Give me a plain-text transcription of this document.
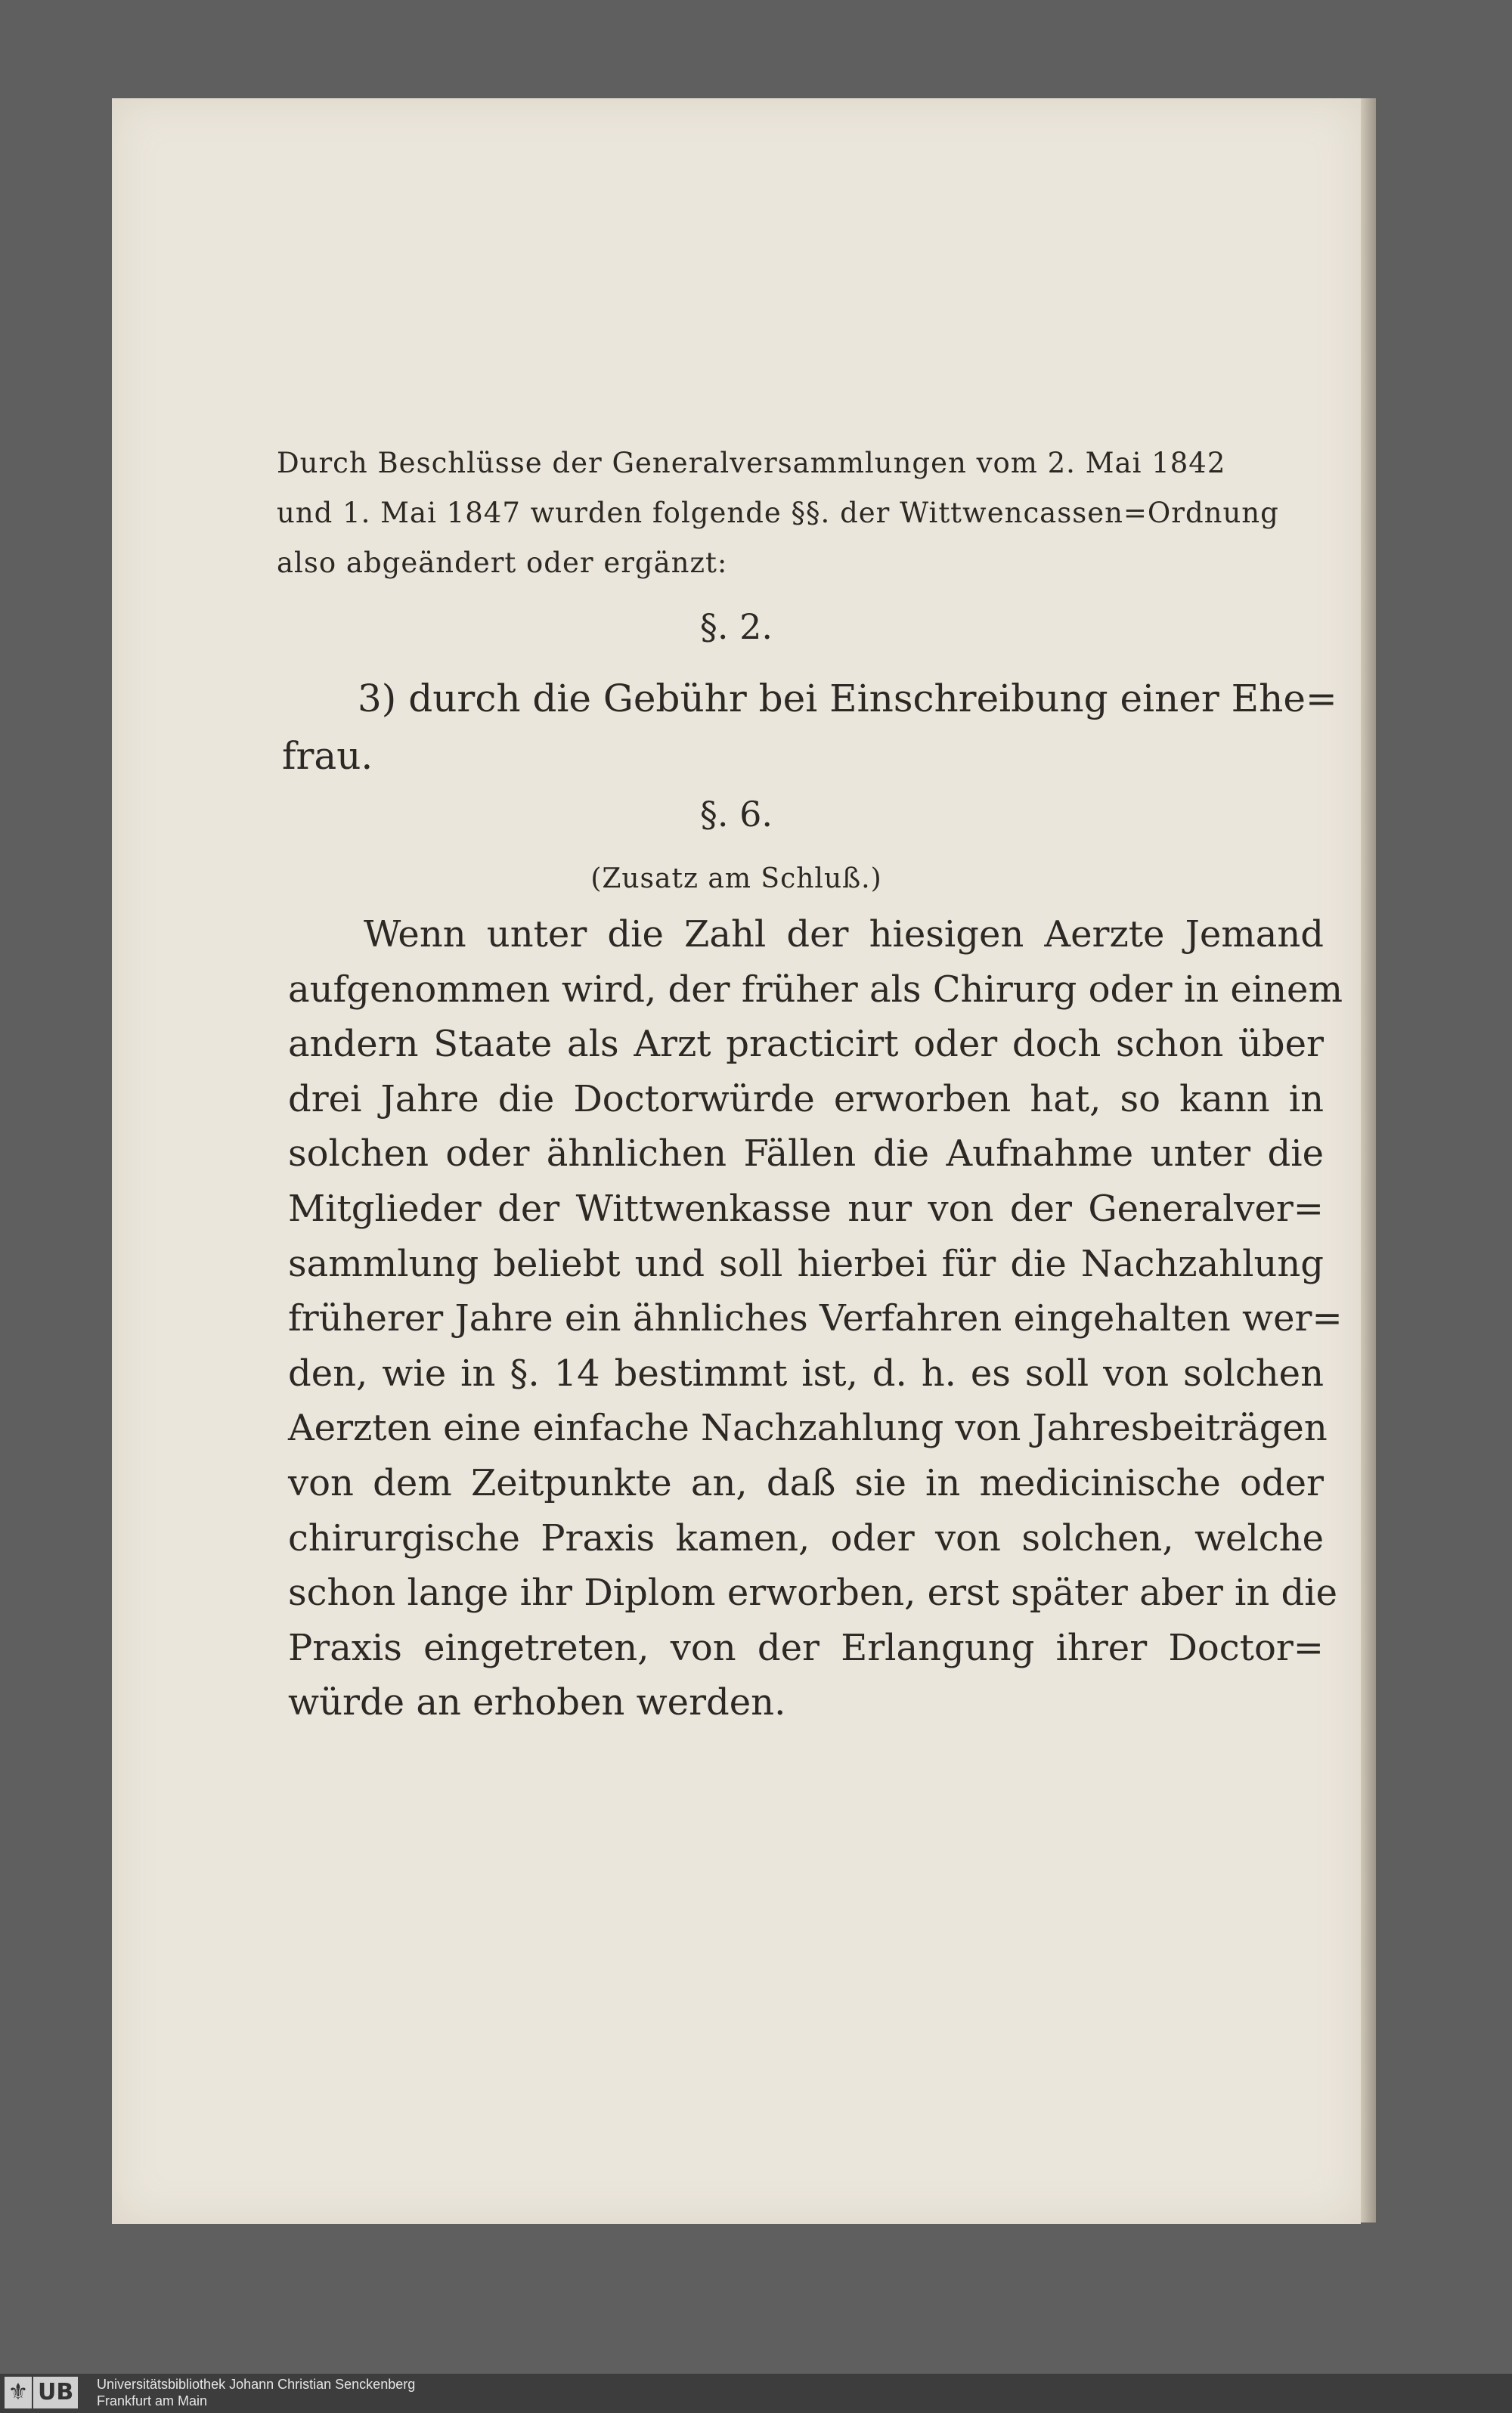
Durch Beschlüsse der Generalversammlungen vom 2. Mai 1842
und 1. Mai 1847 wurden folgende §§. der Wittwencassen=Ordnung
also abgeändert oder ergänzt:
§. 2.
3) durch die Gebühr bei Einschreibung einer Ehe=
frau.
§. 6.
(Zusatz am Schluß.)
Wenn unter die Zahl der hiesigen Aerzte Jemand
aufgenommen wird, der früher als Chirurg oder in einem
andern Staate als Arzt practicirt oder doch schon über
drei Jahre die Doctorwürde erworben hat, so kann in
solchen oder ähnlichen Fällen die Aufnahme unter die
Mitglieder der Wittwenkasse nur von der Generalver=
sammlung beliebt und soll hierbei für die Nachzahlung
früherer Jahre ein ähnliches Verfahren eingehalten wer=
den, wie in §. 14 bestimmt ist, d. h. es soll von solchen
Aerzten eine einfache Nachzahlung von Jahresbeiträgen
von dem Zeitpunkte an, daß sie in medicinische oder
chirurgische Praxis kamen, oder von solchen, welche
schon lange ihr Diplom erworben, erst später aber in die
Praxis eingetreten, von der Erlangung ihrer Doctor=
würde an erhoben werden.
⚜ UB	Universitätsbibliothek Johann Christian Senckenberg
Frankfurt am Main
